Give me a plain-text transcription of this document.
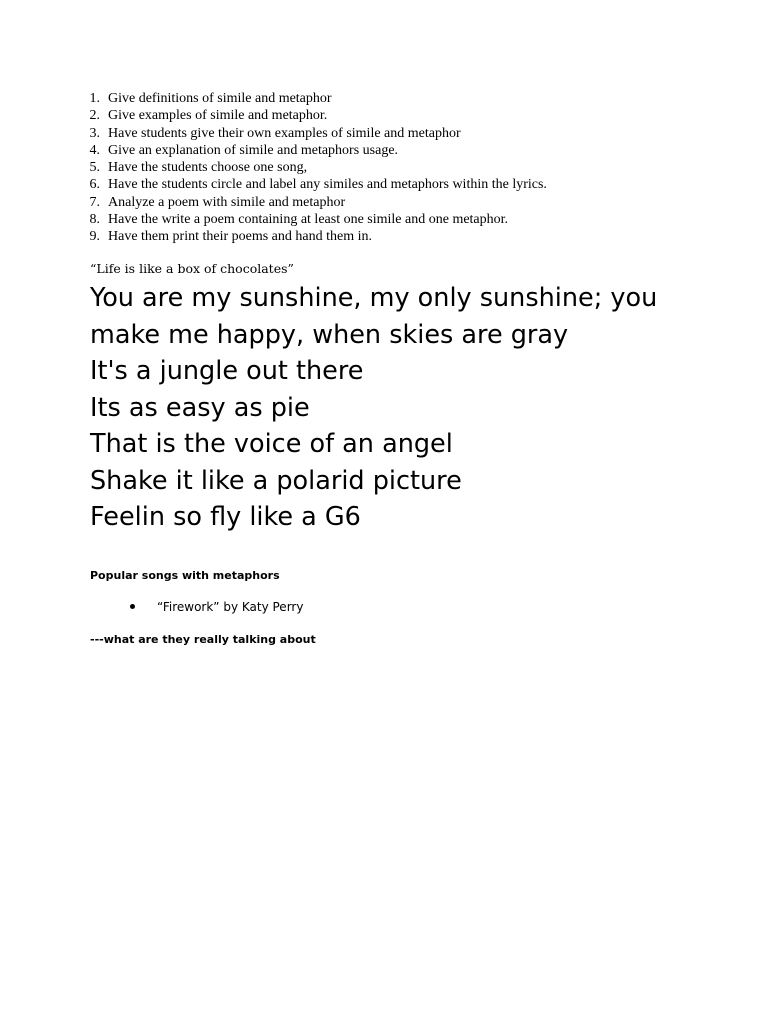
1. Give definitions of simile and metaphor
2. Give examples of simile and metaphor.
3. Have students give their own examples of simile and metaphor
4. Give an explanation of simile and metaphors usage.
5. Have the students choose one song,
6. Have the students circle and label any similes and metaphors within the lyrics.
7. Analyze a poem with simile and metaphor
8. Have the write a poem containing at least one simile and one metaphor.
9. Have them print their poems and hand them in.
“Life is like a box of chocolates”
You are my sunshine, my only sunshine; you
make me happy, when skies are gray
It's a jungle out there
Its as easy as pie
That is the voice of an angel
Shake it like a polarid picture
Feelin so fly like a G6
Popular songs with metaphors
“Firework” by Katy Perry
---what are they really talking about
